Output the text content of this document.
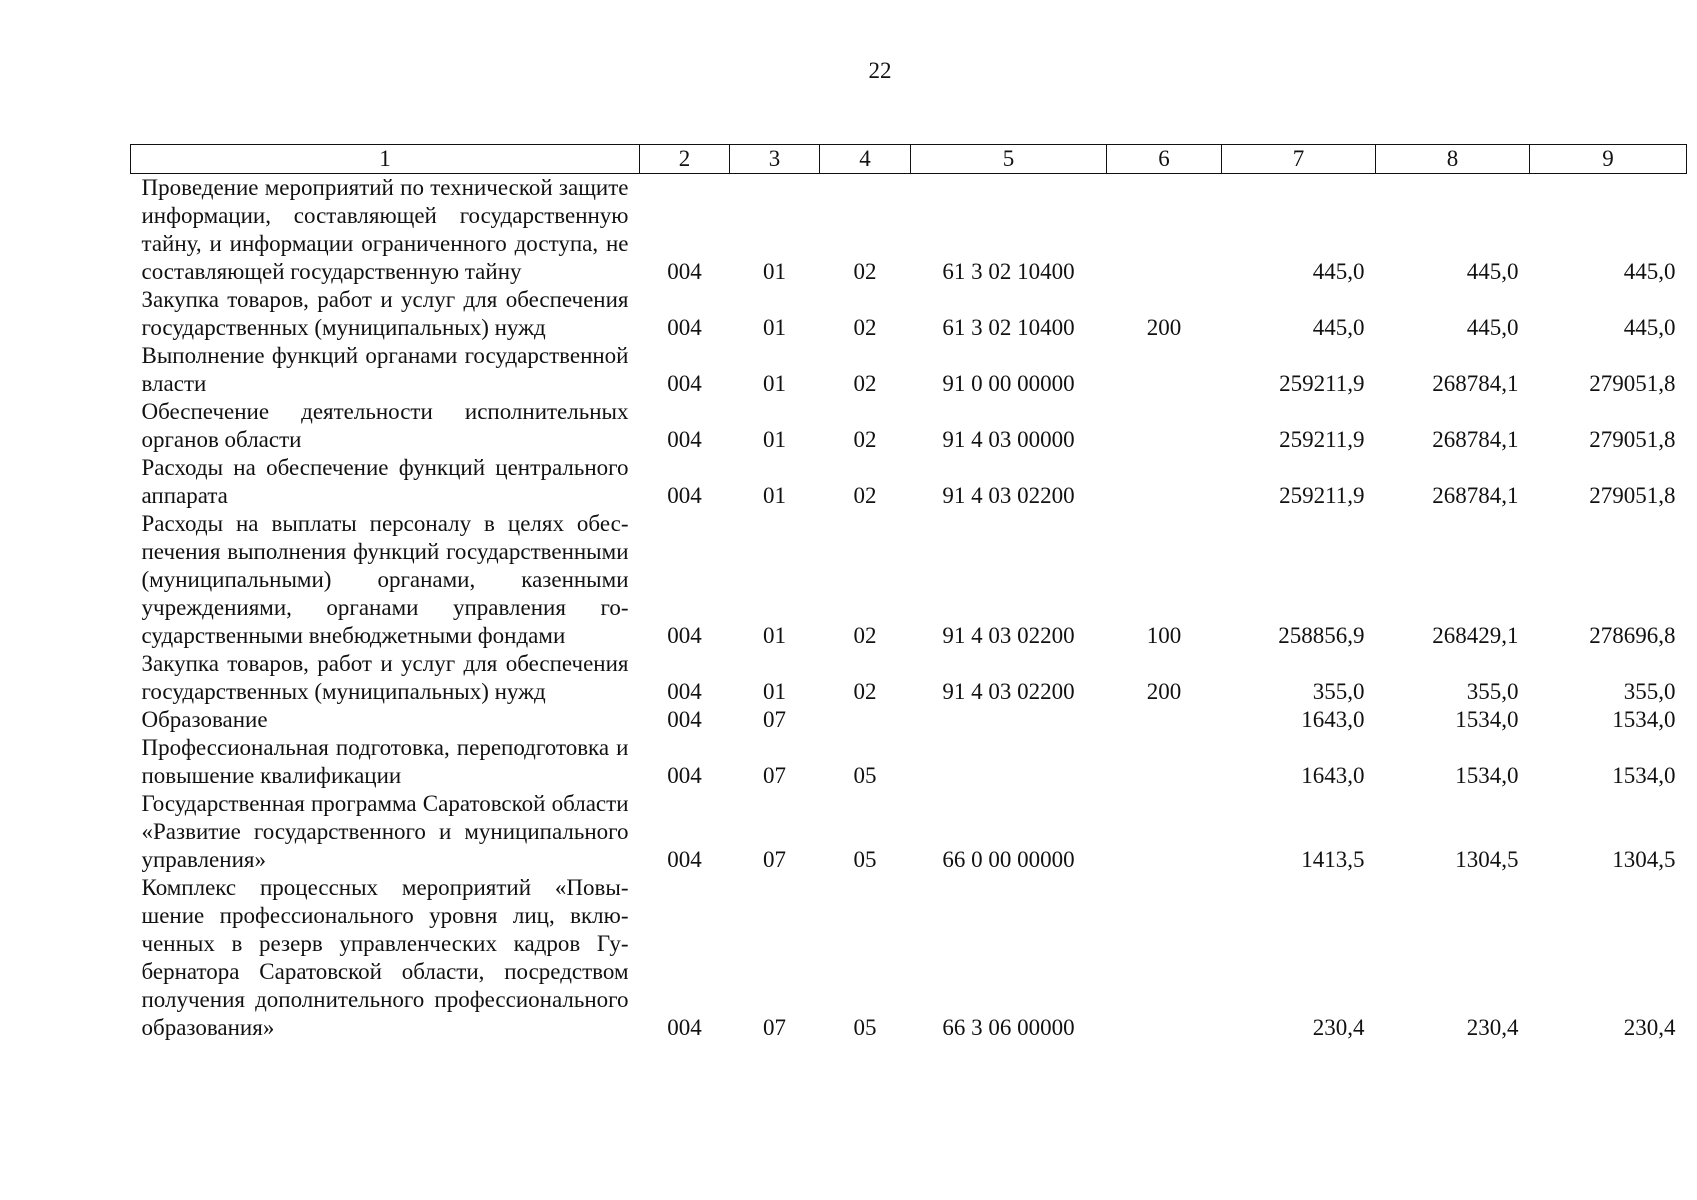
22
1	2	3	4	5	6	7	8	9
Проведение мероприятий по технической защите информации, составляющей государственную тайну, и информации ограниченного доступа, не составляющей государственную тайну	004	01	02	61 3 02 10400		445,0	445,0	445,0
Закупка товаров, работ и услуг для обеспечения государственных (муниципальных) нужд	004	01	02	61 3 02 10400	200	445,0	445,0	445,0
Выполнение функций органами государственной власти	004	01	02	91 0 00 00000		259211,9	268784,1	279051,8
Обеспечение деятельности исполнительных органов области	004	01	02	91 4 03 00000		259211,9	268784,1	279051,8
Расходы на обеспечение функций центрального аппарата	004	01	02	91 4 03 02200		259211,9	268784,1	279051,8
Расходы на выплаты персоналу в целях обеспечения выполнения функций государственными (муниципальными) органами, казенными учреждениями, органами управления государственными внебюджетными фондами	004	01	02	91 4 03 02200	100	258856,9	268429,1	278696,8
Закупка товаров, работ и услуг для обеспечения государственных (муниципальных) нужд	004	01	02	91 4 03 02200	200	355,0	355,0	355,0
Образование	004	07				1643,0	1534,0	1534,0
Профессиональная подготовка, переподготовка и повышение квалификации	004	07	05			1643,0	1534,0	1534,0
Государственная программа Саратовской области «Развитие государственного и муниципального управления»	004	07	05	66 0 00 00000		1413,5	1304,5	1304,5
Комплекс процессных мероприятий «Повышение профессионального уровня лиц, включенных в резерв управленческих кадров Губернатора Саратовской области, посредством получения дополнительного профессионального образования»	004	07	05	66 3 06 00000		230,4	230,4	230,4
